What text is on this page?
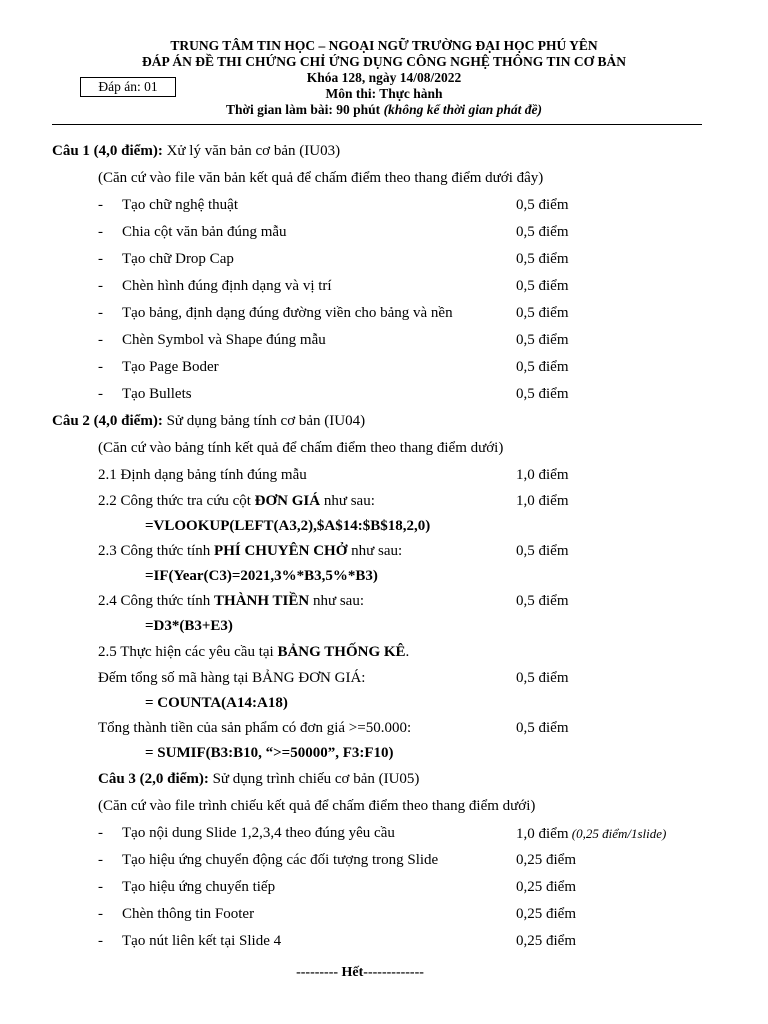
TRUNG TÂM TIN HỌC – NGOẠI NGỮ TRƯỜNG ĐẠI HỌC PHÚ YÊN
ĐÁP ÁN ĐỀ THI CHỨNG CHỈ ỨNG DỤNG CÔNG NGHỆ THÔNG TIN CƠ BẢN
Khóa 128, ngày 14/08/2022
Môn thi: Thực hành
Thời gian làm bài: 90 phút (không kể thời gian phát đề)
Đáp án: 01
Câu 1 (4,0 điểm): Xử lý văn bản cơ bản (IU03)
(Căn cứ vào file văn bản kết quả để chấm điểm theo thang điểm dưới đây)
- Tạo chữ nghệ thuật	0,5 điểm
- Chia cột văn bản đúng mẫu	0,5 điểm
- Tạo chữ Drop Cap	0,5 điểm
- Chèn hình đúng định dạng và vị trí	0,5 điểm
- Tạo bảng, định dạng đúng đường viền cho bảng và nền	0,5 điểm
- Chèn Symbol và Shape đúng mẫu	0,5 điểm
- Tạo Page Boder	0,5 điểm
- Tạo Bullets	0,5 điểm
Câu 2 (4,0 điểm): Sử dụng bảng tính cơ bản (IU04)
(Căn cứ vào bảng tính kết quả để chấm điểm theo thang điểm dưới)
2.1 Định dạng bảng tính đúng mẫu	1,0 điểm
2.2 Công thức tra cứu cột ĐƠN GIÁ như sau:	1,0 điểm
=VLOOKUP(LEFT(A3,2),$A$14:$B$18,2,0)
2.3 Công thức tính PHÍ CHUYÊN CHỞ như sau:	0,5 điểm
=IF(Year(C3)=2021,3%*B3,5%*B3)
2.4 Công thức tính THÀNH TIỀN như sau:	0,5 điểm
=D3*(B3+E3)
2.5 Thực hiện các yêu cầu tại BẢNG THỐNG KÊ.
Đếm tổng số mã hàng tại BẢNG ĐƠN GIÁ:	0,5 điểm
= COUNTA(A14:A18)
Tổng thành tiền của sản phẩm có đơn giá >=50.000:	0,5 điểm
= SUMIF(B3:B10, “>=50000”, F3:F10)
Câu 3 (2,0 điểm): Sử dụng trình chiếu cơ bản (IU05)
(Căn cứ vào file trình chiếu kết quả để chấm điểm theo thang điểm dưới)
- Tạo nội dung Slide 1,2,3,4 theo đúng yêu cầu	1,0 điểm (0,25 điểm/1slide)
- Tạo hiệu ứng chuyển động các đối tượng trong Slide	0,25 điểm
- Tạo hiệu ứng chuyển tiếp	0,25 điểm
- Chèn thông tin Footer	0,25 điểm
- Tạo nút liên kết tại Slide 4	0,25 điểm
--------- Hết-------------
